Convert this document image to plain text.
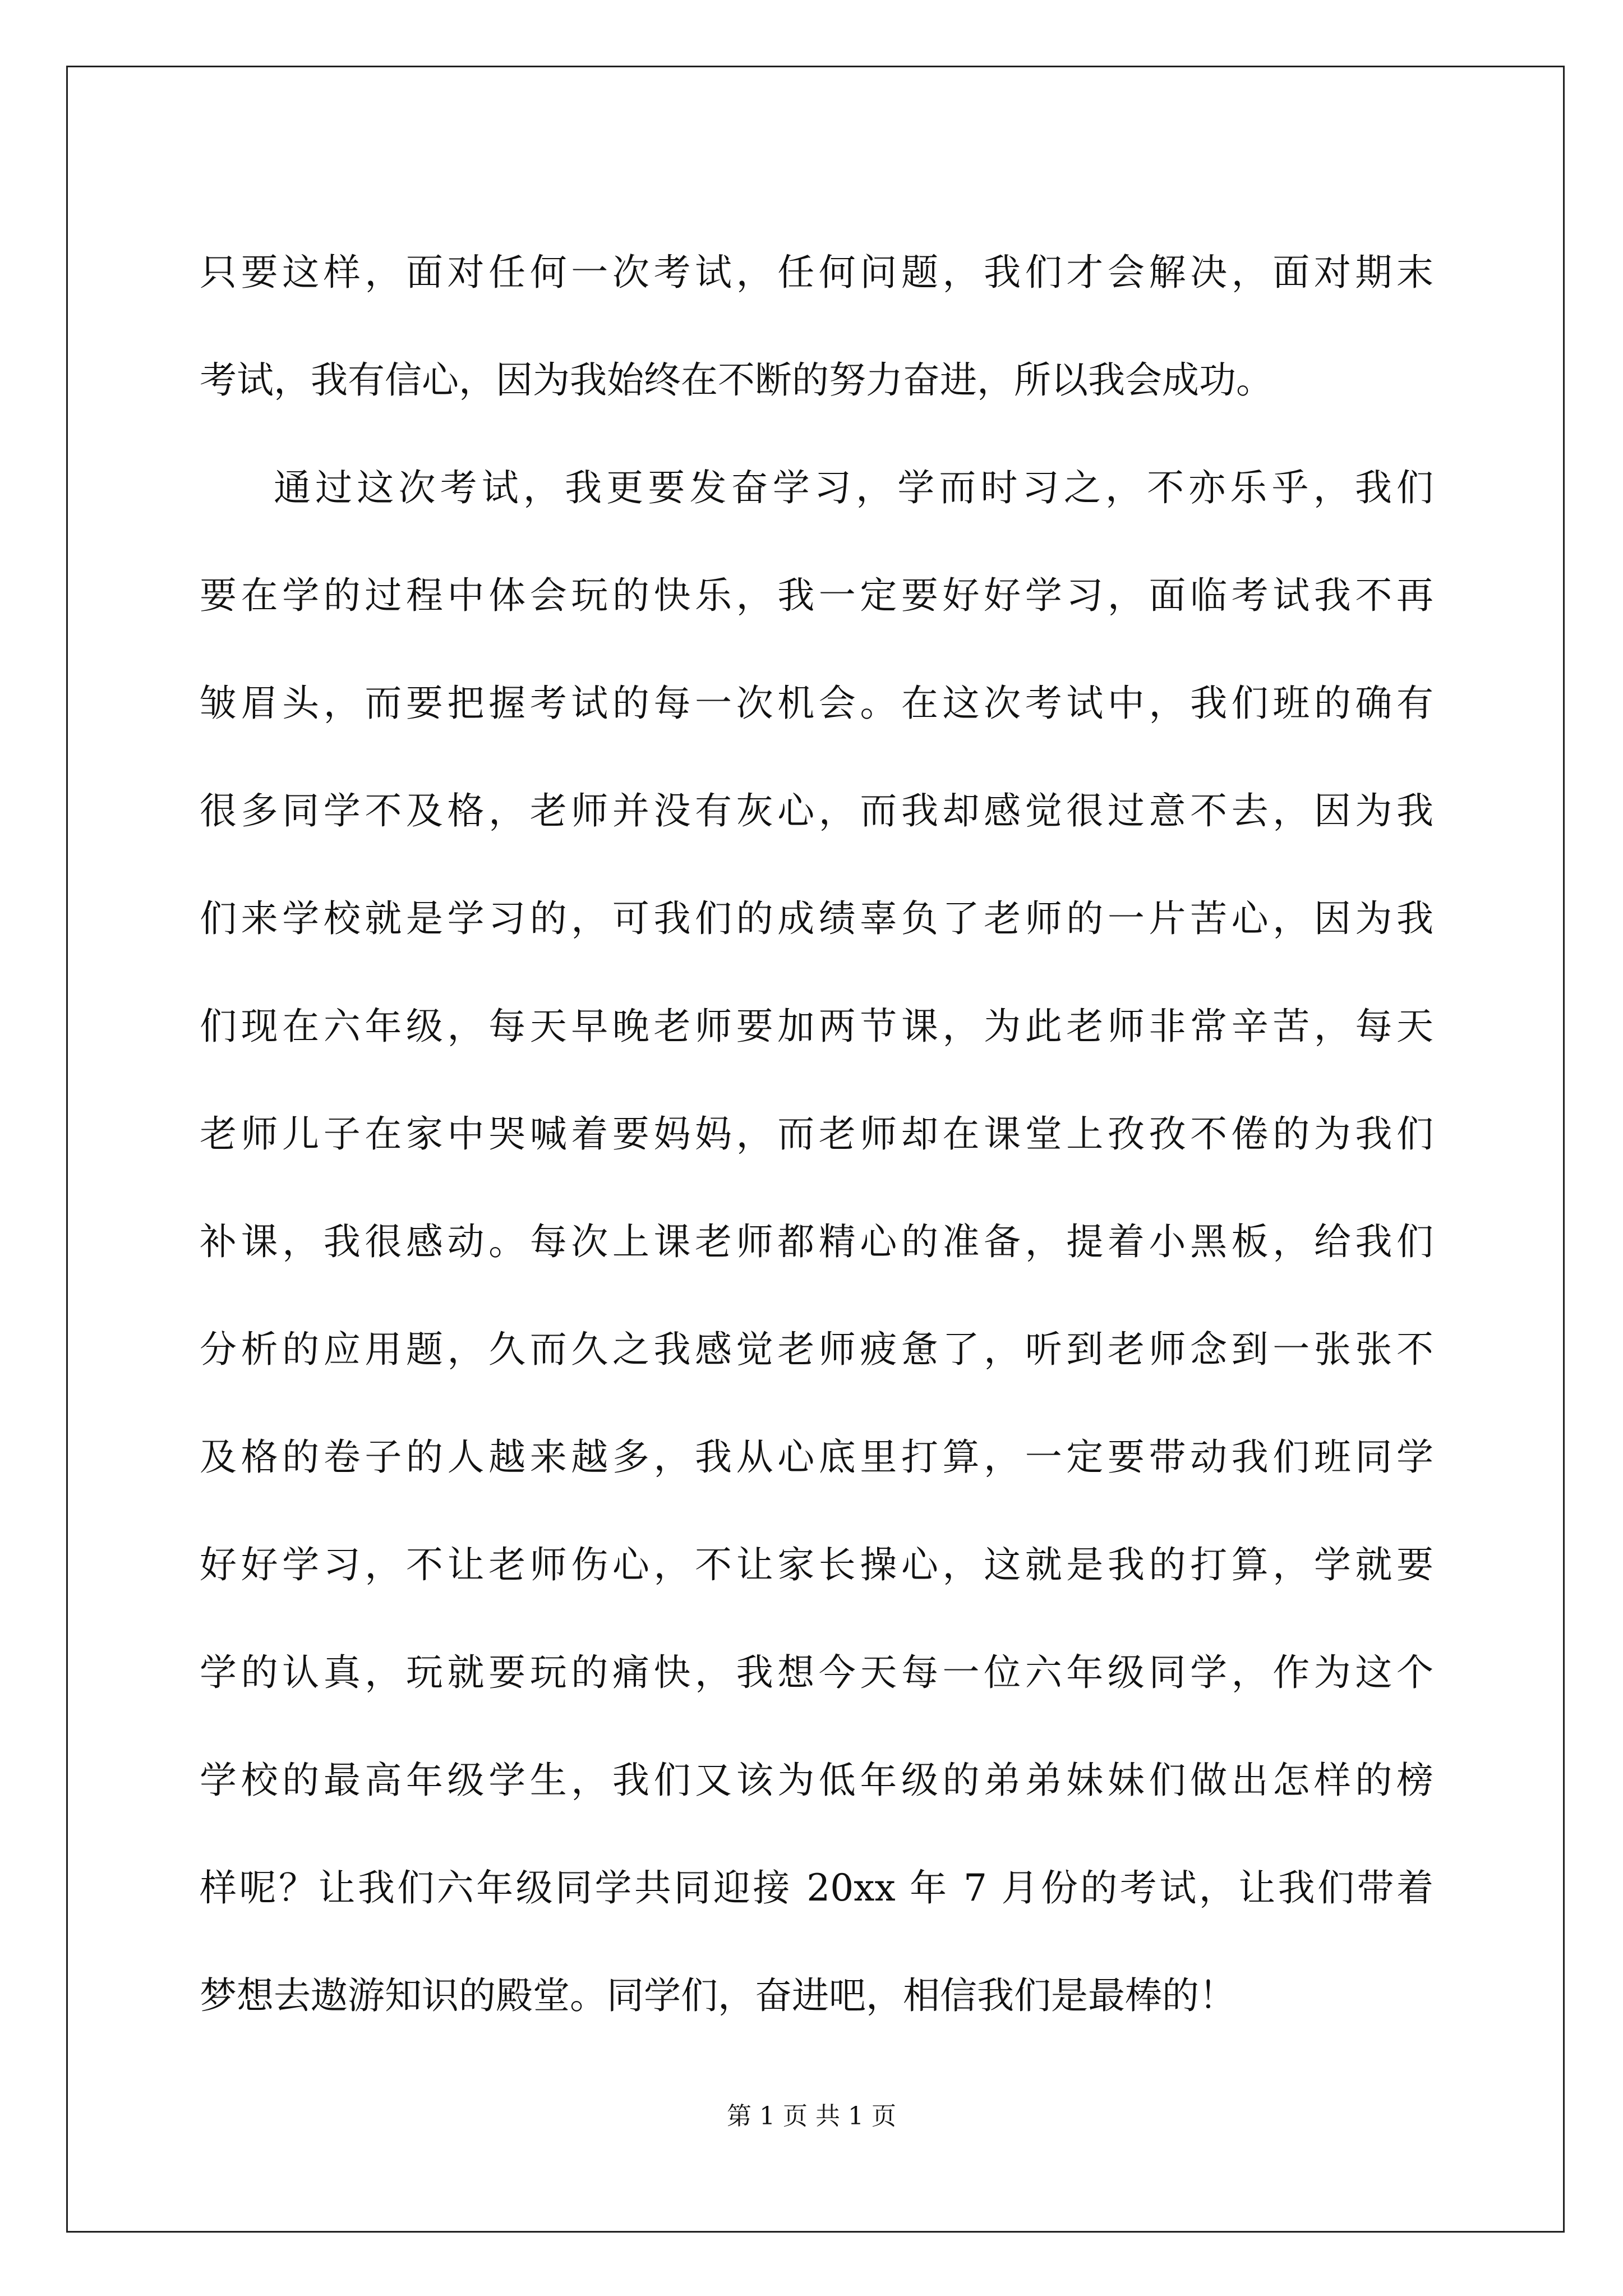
只要这样，面对任何一次考试，任何问题，我们才会解决，面对期末
考试，我有信心，因为我始终在不断的努力奋进，所以我会成功。
通过这次考试，我更要发奋学习，学而时习之，不亦乐乎，我们
要在学的过程中体会玩的快乐，我一定要好好学习，面临考试我不再
皱眉头，而要把握考试的每一次机会。在这次考试中，我们班的确有
很多同学不及格，老师并没有灰心，而我却感觉很过意不去，因为我
们来学校就是学习的，可我们的成绩辜负了老师的一片苦心，因为我
们现在六年级，每天早晚老师要加两节课，为此老师非常辛苦，每天
老师儿子在家中哭喊着要妈妈，而老师却在课堂上孜孜不倦的为我们
补课，我很感动。每次上课老师都精心的准备，提着小黑板，给我们
分析的应用题，久而久之我感觉老师疲惫了，听到老师念到一张张不
及格的卷子的人越来越多，我从心底里打算，一定要带动我们班同学
好好学习，不让老师伤心，不让家长操心，这就是我的打算，学就要
学的认真，玩就要玩的痛快，我想今天每一位六年级同学，作为这个
学校的最高年级学生，我们又该为低年级的弟弟妹妹们做出怎样的榜
样呢？让我们六年级同学共同迎接 20xx 年 7 月份的考试，让我们带着
梦想去遨游知识的殿堂。同学们，奋进吧，相信我们是最棒的！
第 1 页 共 1 页
